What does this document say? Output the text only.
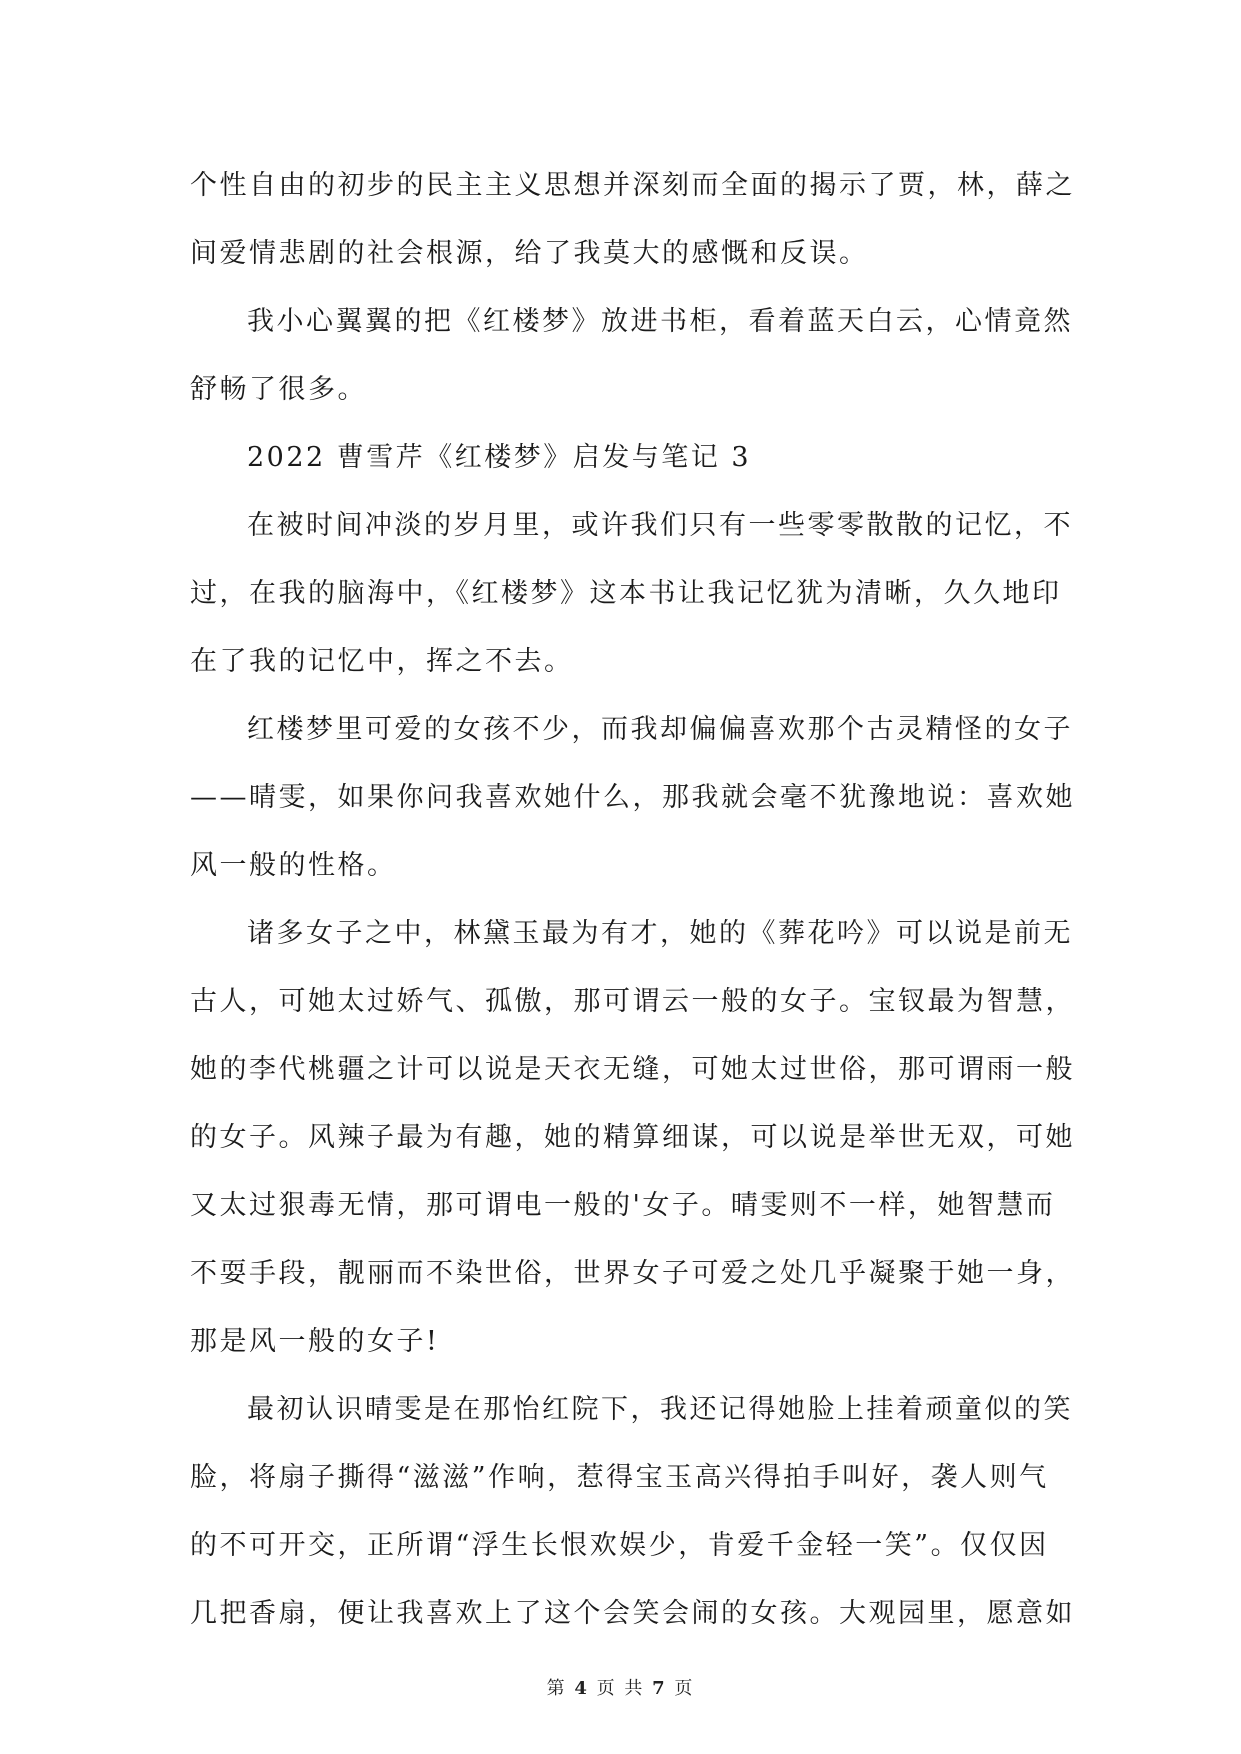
个性自由的初步的民主主义思想并深刻而全面的揭示了贾，林，薛之
间爱情悲剧的社会根源，给了我莫大的感慨和反误。
我小心翼翼的把《红楼梦》放进书柜，看着蓝天白云，心情竟然
舒畅了很多。
2022 曹雪芹《红楼梦》启发与笔记 3
在被时间冲淡的岁月里，或许我们只有一些零零散散的记忆，不
过，在我的脑海中，《红楼梦》这本书让我记忆犹为清晰，久久地印
在了我的记忆中，挥之不去。
红楼梦里可爱的女孩不少，而我却偏偏喜欢那个古灵精怪的女子
——晴雯，如果你问我喜欢她什么，那我就会毫不犹豫地说：喜欢她
风一般的性格。
诸多女子之中，林黛玉最为有才，她的《葬花吟》可以说是前无
古人，可她太过娇气、孤傲，那可谓云一般的女子。宝钗最为智慧，
她的李代桃疆之计可以说是天衣无缝，可她太过世俗，那可谓雨一般
的女子。风辣子最为有趣，她的精算细谋，可以说是举世无双，可她
又太过狠毒无情，那可谓电一般的'女子。晴雯则不一样，她智慧而
不耍手段，靓丽而不染世俗，世界女子可爱之处几乎凝聚于她一身，
那是风一般的女子!
最初认识晴雯是在那怡红院下，我还记得她脸上挂着顽童似的笑
脸，将扇子撕得“滋滋”作响，惹得宝玉高兴得拍手叫好，袭人则气
的不可开交，正所谓“浮生长恨欢娱少，肯爱千金轻一笑”。仅仅因
几把香扇，便让我喜欢上了这个会笑会闹的女孩。大观园里，愿意如
第 4 页 共 7 页
